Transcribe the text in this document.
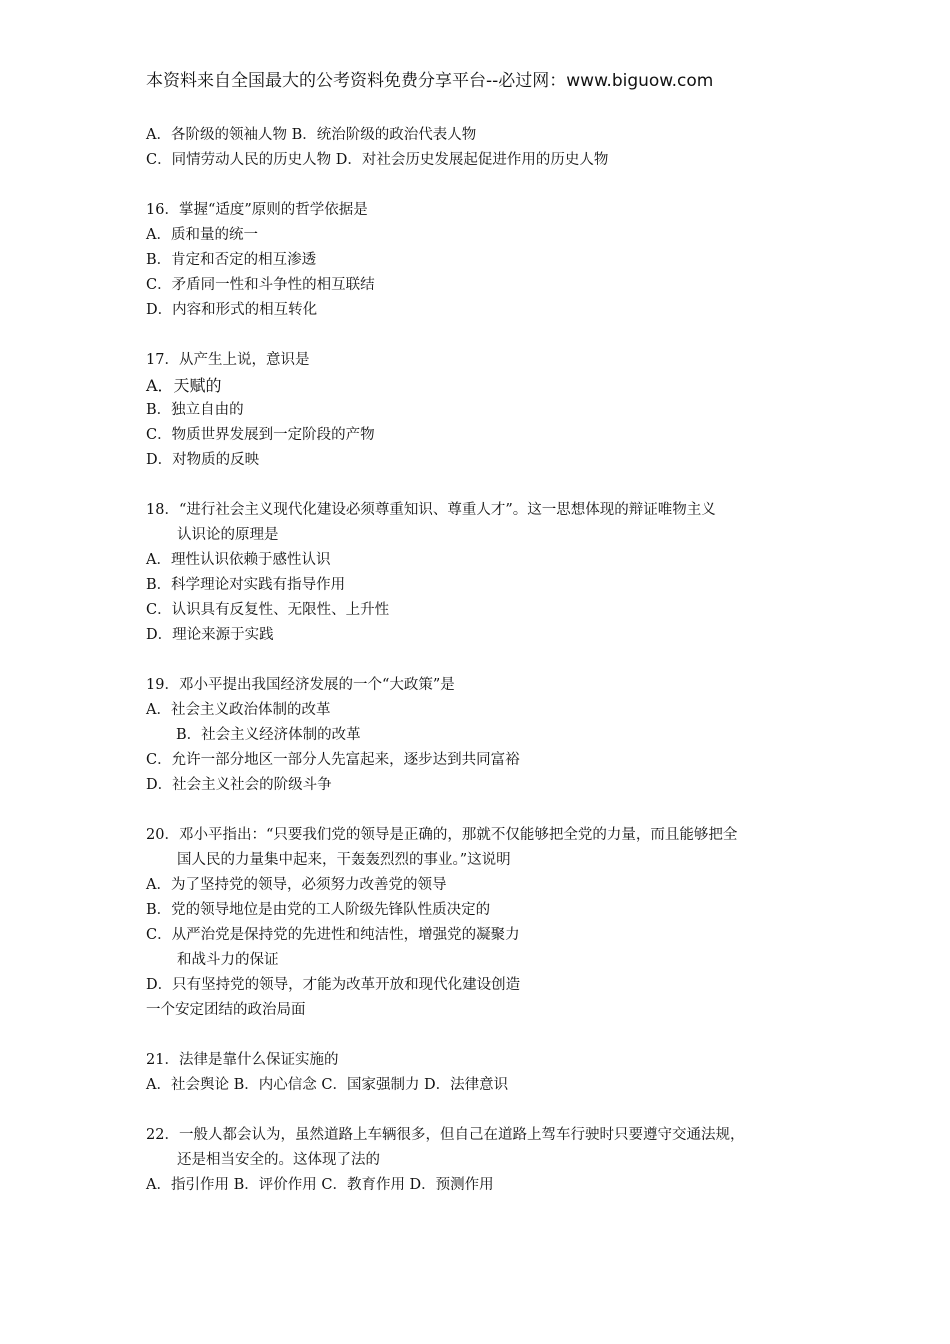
本资料来自全国最大的公考资料免费分享平台--必过网：www.biguow.com

A．各阶级的领袖人物 B．统治阶级的政治代表人物

C．同情劳动人民的历史人物 D．对社会历史发展起促进作用的历史人物

16．掌握“适度”原则的哲学依据是

A．质和量的统一

B．肯定和否定的相互渗透

C．矛盾同一性和斗争性的相互联结

D．内容和形式的相互转化

17．从产生上说，意识是

A．天赋的

B．独立自由的

C．物质世界发展到一定阶段的产物

D．对物质的反映

18．“进行社会主义现代化建设必须尊重知识、尊重人才”。这一思想体现的辩证唯物主义

认识论的原理是

A．理性认识依赖于感性认识

B．科学理论对实践有指导作用

C．认识具有反复性、无限性、上升性

D．理论来源于实践

19．邓小平提出我国经济发展的一个“大政策”是

A．社会主义政治体制的改革

B．社会主义经济体制的改革

C．允许一部分地区一部分人先富起来，逐步达到共同富裕

D．社会主义社会的阶级斗争

20．邓小平指出：“只要我们党的领导是正确的，那就不仅能够把全党的力量，而且能够把全

国人民的力量集中起来，干轰轰烈烈的事业。”这说明

A．为了坚持党的领导，必须努力改善党的领导

B．党的领导地位是由党的工人阶级先锋队性质决定的

C．从严治党是保持党的先进性和纯洁性，增强党的凝聚力

和战斗力的保证

D．只有坚持党的领导，才能为改革开放和现代化建设创造

一个安定团结的政治局面

21．法律是靠什么保证实施的

A．社会舆论 B．内心信念 C．国家强制力 D．法律意识

22．一般人都会认为，虽然道路上车辆很多，但自己在道路上驾车行驶时只要遵守交通法规，

还是相当安全的。这体现了法的

A．指引作用 B．评价作用 C．教育作用 D．预测作用
